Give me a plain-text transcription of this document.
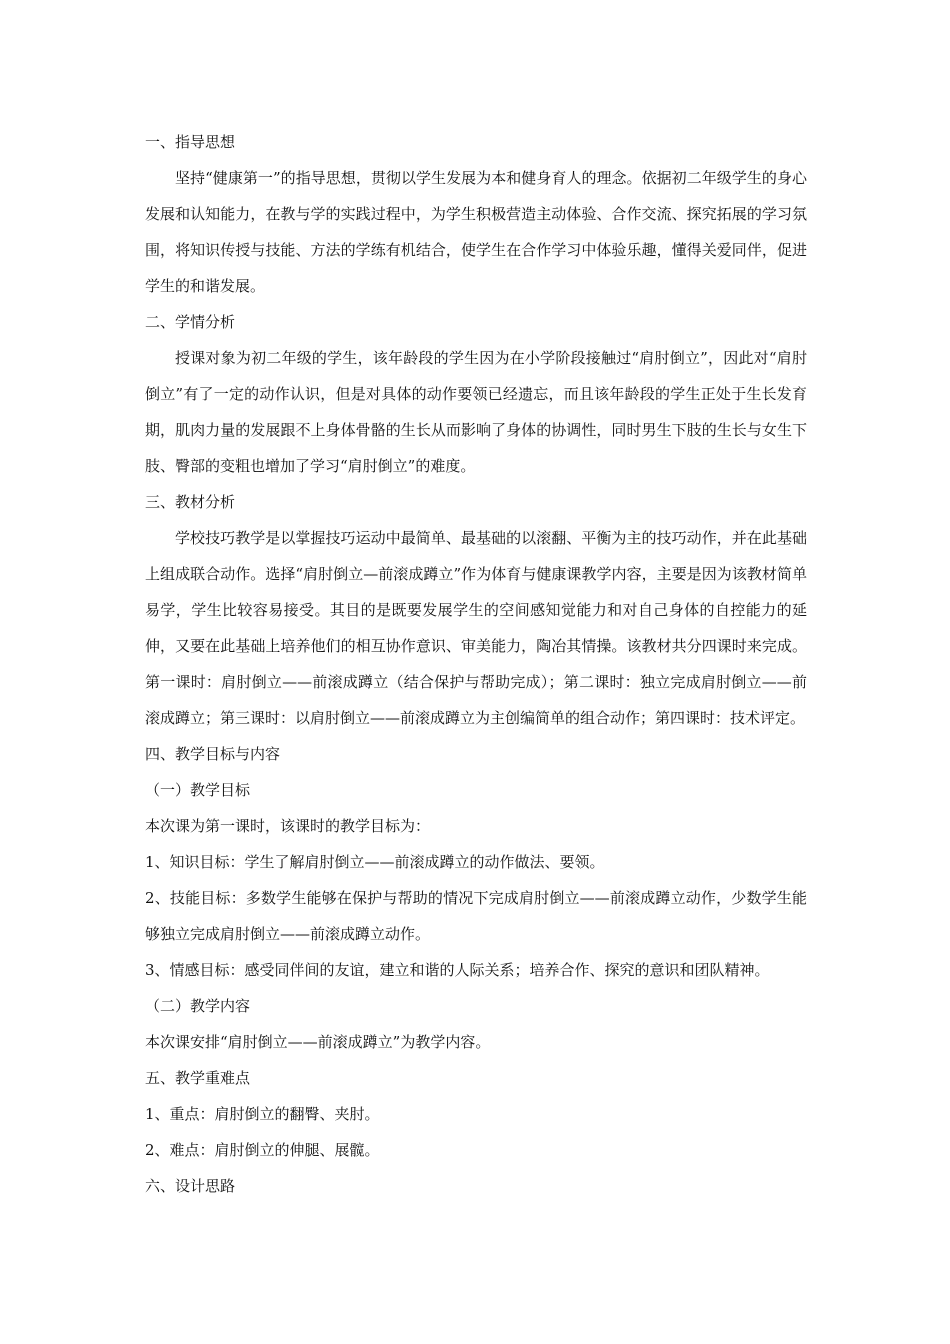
一、指导思想

坚持“健康第一”的指导思想，贯彻以学生发展为本和健身育人的理念。依据初二年级学生的身心发展和认知能力，在教与学的实践过程中，为学生积极营造主动体验、合作交流、探究拓展的学习氛围，将知识传授与技能、方法的学练有机结合，使学生在合作学习中体验乐趣，懂得关爱同伴，促进学生的和谐发展。

二、学情分析

授课对象为初二年级的学生，该年龄段的学生因为在小学阶段接触过“肩肘倒立”，因此对“肩肘倒立”有了一定的动作认识，但是对具体的动作要领已经遗忘，而且该年龄段的学生正处于生长发育期，肌肉力量的发展跟不上身体骨骼的生长从而影响了身体的协调性，同时男生下肢的生长与女生下肢、臀部的变粗也增加了学习“肩肘倒立”的难度。

三、教材分析

学校技巧教学是以掌握技巧运动中最简单、最基础的以滚翻、平衡为主的技巧动作，并在此基础上组成联合动作。选择“肩肘倒立—前滚成蹲立”作为体育与健康课教学内容，主要是因为该教材简单易学，学生比较容易接受。其目的是既要发展学生的空间感知觉能力和对自己身体的自控能力的延伸，又要在此基础上培养他们的相互协作意识、审美能力，陶冶其情操。该教材共分四课时来完成。第一课时：肩肘倒立——前滚成蹲立（结合保护与帮助完成）；第二课时：独立完成肩肘倒立——前滚成蹲立；第三课时：以肩肘倒立——前滚成蹲立为主创编简单的组合动作；第四课时：技术评定。

四、教学目标与内容

（一）教学目标

本次课为第一课时，该课时的教学目标为：

1、知识目标：学生了解肩肘倒立——前滚成蹲立的动作做法、要领。

2、技能目标：多数学生能够在保护与帮助的情况下完成肩肘倒立——前滚成蹲立动作，少数学生能够独立完成肩肘倒立——前滚成蹲立动作。

3、情感目标：感受同伴间的友谊，建立和谐的人际关系；培养合作、探究的意识和团队精神。

（二）教学内容

本次课安排“肩肘倒立——前滚成蹲立”为教学内容。

五、教学重难点

1、重点：肩肘倒立的翻臀、夹肘。

2、难点：肩肘倒立的伸腿、展髋。

六、设计思路
